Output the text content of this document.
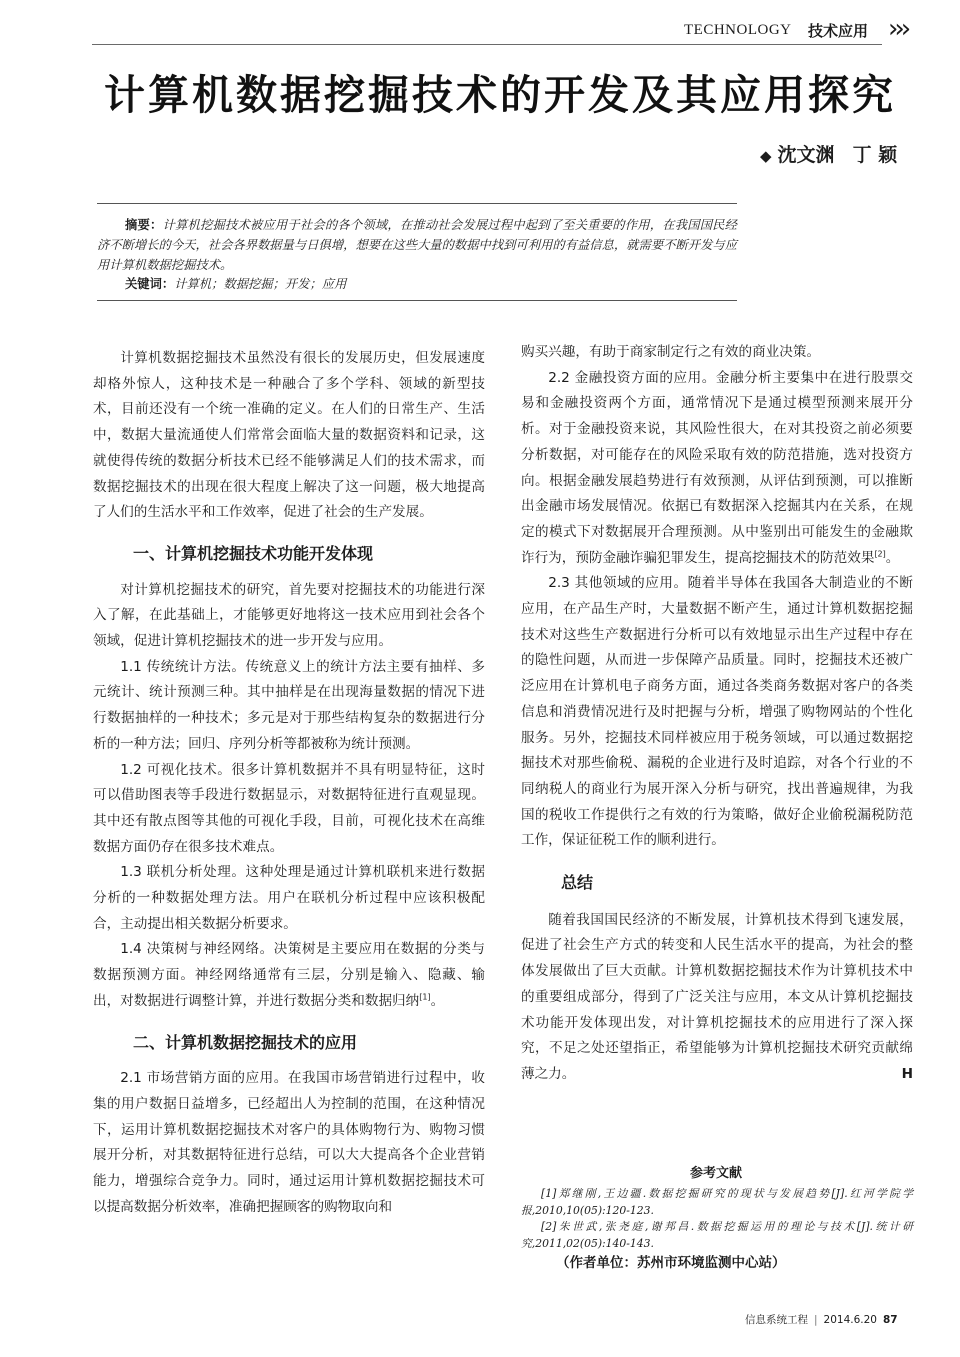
TECHNOLOGY 技术应用 ›››
计算机数据挖掘技术的开发及其应用探究
◆ 沈文渊 丁 颖
摘要：计算机挖掘技术被应用于社会的各个领域，在推动社会发展过程中起到了至关重要的作用，在我国国民经济不断增长的今天，社会各界数据量与日俱增，想要在这些大量的数据中找到可利用的有益信息，就需要不断开发与应用计算机数据挖掘技术。
关键词：计算机；数据挖掘；开发；应用

计算机数据挖掘技术虽然没有很长的发展历史，但发展速度却格外惊人，这种技术是一种融合了多个学科、领域的新型技术，目前还没有一个统一准确的定义。在人们的日常生产、生活中，数据大量流通使人们常常会面临大量的数据资料和记录，这就使得传统的数据分析技术已经不能够满足人们的技术需求，而数据挖掘技术的出现在很大程度上解决了这一问题，极大地提高了人们的生活水平和工作效率，促进了社会的生产发展。

一、计算机挖掘技术功能开发体现

对计算机挖掘技术的研究，首先要对挖掘技术的功能进行深入了解，在此基础上，才能够更好地将这一技术应用到社会各个领域，促进计算机挖掘技术的进一步开发与应用。

1.1 传统统计方法。传统意义上的统计方法主要有抽样、多元统计、统计预测三种。其中抽样是在出现海量数据的情况下进行数据抽样的一种技术；多元是对于那些结构复杂的数据进行分析的一种方法；回归、序列分析等都被称为统计预测。

1.2 可视化技术。很多计算机数据并不具有明显特征，这时可以借助图表等手段进行数据显示，对数据特征进行直观显现。其中还有散点图等其他的可视化手段，目前，可视化技术在高维数据方面仍存在很多技术难点。

1.3 联机分析处理。这种处理是通过计算机联机来进行数据分析的一种数据处理方法。用户在联机分析过程中应该积极配合，主动提出相关数据分析要求。

1.4 决策树与神经网络。决策树是主要应用在数据的分类与数据预测方面。神经网络通常有三层，分别是输入、隐藏、输出，对数据进行调整计算，并进行数据分类和数据归纳[1]。

二、计算机数据挖掘技术的应用

2.1 市场营销方面的应用。在我国市场营销进行过程中，收集的用户数据日益增多，已经超出人为控制的范围，在这种情况下，运用计算机数据挖掘技术对客户的具体购物行为、购物习惯展开分析，对其数据特征进行总结，可以大大提高各个企业营销能力，增强综合竞争力。同时，通过运用计算机数据挖掘技术可以提高数据分析效率，准确把握顾客的购物取向和

购买兴趣，有助于商家制定行之有效的商业决策。

2.2 金融投资方面的应用。金融分析主要集中在进行股票交易和金融投资两个方面，通常情况下是通过模型预测来展开分析。对于金融投资来说，其风险性很大，在对其投资之前必须要分析数据，对可能存在的风险采取有效的防范措施，选对投资方向。根据金融发展趋势进行有效预测，从评估到预测，可以推断出金融市场发展情况。依据已有数据深入挖掘其内在关系，在规定的模式下对数据展开合理预测。从中鉴别出可能发生的金融欺诈行为，预防金融诈骗犯罪发生，提高挖掘技术的防范效果[2]。

2.3 其他领域的应用。随着半导体在我国各大制造业的不断应用，在产品生产时，大量数据不断产生，通过计算机数据挖掘技术对这些生产数据进行分析可以有效地显示出生产过程中存在的隐性问题，从而进一步保障产品质量。同时，挖掘技术还被广泛应用在计算机电子商务方面，通过各类商务数据对客户的各类信息和消费情况进行及时把握与分析，增强了购物网站的个性化服务。另外，挖掘技术同样被应用于税务领域，可以通过数据挖掘技术对那些偷税、漏税的企业进行及时追踪，对各个行业的不同纳税人的商业行为展开深入分析与研究，找出普遍规律，为我国的税收工作提供行之有效的行为策略，做好企业偷税漏税防范工作，保证征税工作的顺利进行。

总结

随着我国国民经济的不断发展，计算机技术得到飞速发展，促进了社会生产方式的转变和人民生活水平的提高，为社会的整体发展做出了巨大贡献。计算机数据挖掘技术作为计算机技术中的重要组成部分，得到了广泛关注与应用，本文从计算机挖掘技术功能开发体现出发，对计算机挖掘技术的应用进行了深入探究，不足之处还望指正，希望能够为计算机挖掘技术研究贡献绵薄之力。	H

参考文献

[1]郑继刚,王边疆.数据挖掘研究的现状与发展趋势[J].红河学院学报,2010,10(05):120-123.

[2]朱世武,张尧庭,谢邦昌.数据挖掘运用的理论与技术[J].统计研究,2011,02(05):140-143.

（作者单位：苏州市环境监测中心站）
信息系统工程 | 2014.6.20 87
